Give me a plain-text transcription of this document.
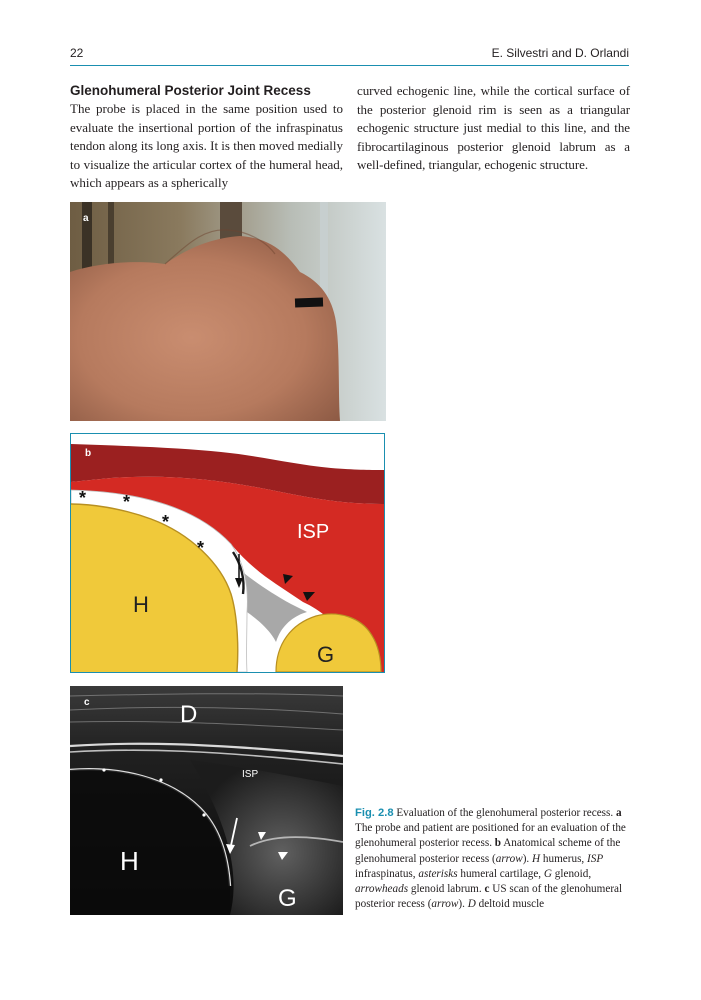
22	E. Silvestri and D. Orlandi
Glenohumeral Posterior Joint Recess
The probe is placed in the same position used to evaluate the insertional portion of the infraspinatus tendon along its long axis. It is then moved medially to visualize the articular cortex of the humeral head, which appears as a spherically
curved echogenic line, while the cortical surface of the posterior glenoid rim is seen as a triangular echogenic structure just medial to this line, and the fibrocartilaginous posterior glenoid labrum as a well-defined, triangular, echogenic structure.
a
* *
*
*
b
ISP
H
G
c	D
ISP
H
G
Fig. 2.8 Evaluation of the glenohumeral posterior recess. a The probe and patient are positioned for an evaluation of the glenohumeral posterior recess. b Anatomical scheme of the glenohumeral posterior recess (arrow). H humerus, ISP infraspinatus, asterisks humeral cartilage, G glenoid, arrowheads glenoid labrum. c US scan of the glenohumeral posterior recess (arrow). D deltoid muscle
